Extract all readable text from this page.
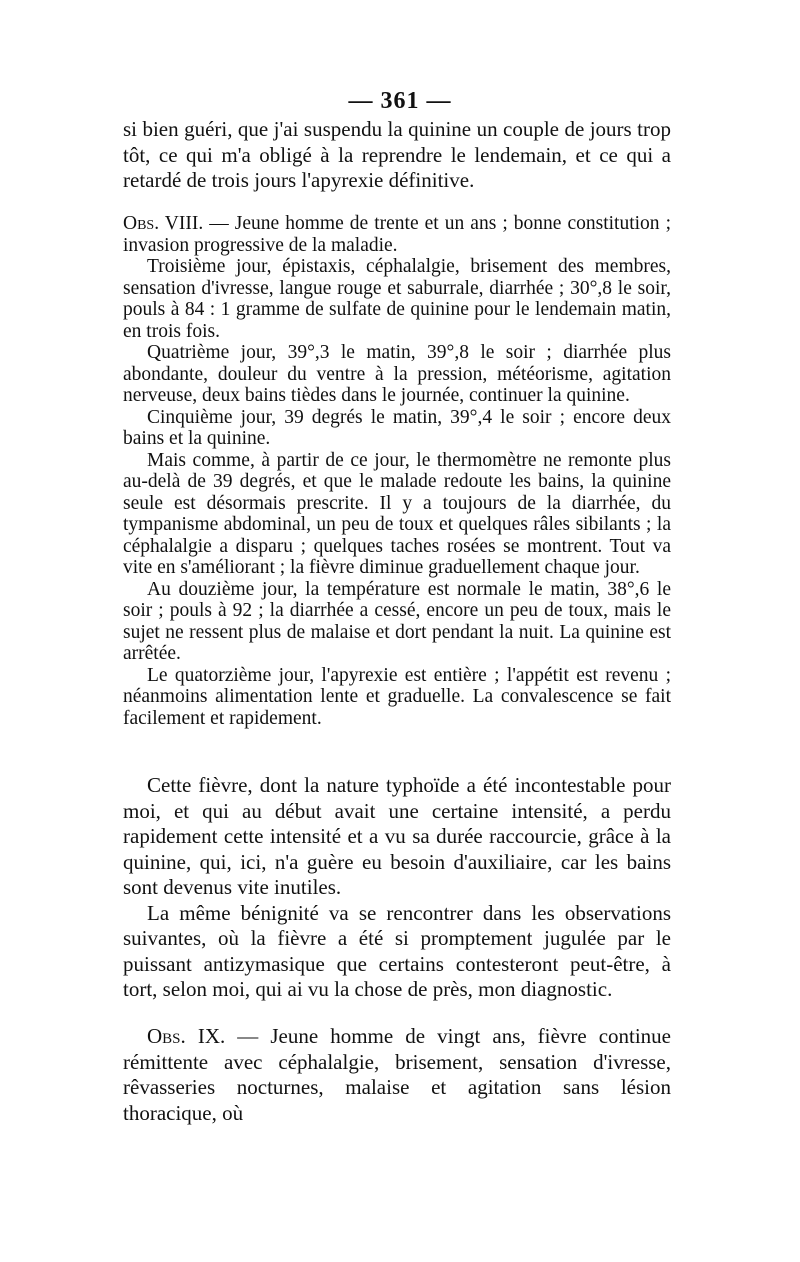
— 361 —

si bien guéri, que j'ai suspendu la quinine un couple de jours trop tôt, ce qui m'a obligé à la reprendre le lendemain, et ce qui a retardé de trois jours l'apyrexie définitive.

Obs. VIII. — Jeune homme de trente et un ans ; bonne constitution ; invasion progressive de la maladie.

Troisième jour, épistaxis, céphalalgie, brisement des membres, sensation d'ivresse, langue rouge et saburrale, diarrhée ; 30°,8 le soir, pouls à 84 : 1 gramme de sulfate de quinine pour le lendemain matin, en trois fois.

Quatrième jour, 39°,3 le matin, 39°,8 le soir ; diarrhée plus abondante, douleur du ventre à la pression, météorisme, agitation nerveuse, deux bains tièdes dans le journée, continuer la quinine.

Cinquième jour, 39 degrés le matin, 39°,4 le soir ; encore deux bains et la quinine.

Mais comme, à partir de ce jour, le thermomètre ne remonte plus au-delà de 39 degrés, et que le malade redoute les bains, la quinine seule est désormais prescrite. Il y a toujours de la diarrhée, du tympanisme abdominal, un peu de toux et quelques râles sibilants ; la céphalalgie a disparu ; quelques taches rosées se montrent. Tout va vite en s'améliorant ; la fièvre diminue graduellement chaque jour.

Au douzième jour, la température est normale le matin, 38°,6 le soir ; pouls à 92 ; la diarrhée a cessé, encore un peu de toux, mais le sujet ne ressent plus de malaise et dort pendant la nuit. La quinine est arrêtée.

Le quatorzième jour, l'apyrexie est entière ; l'appétit est revenu ; néanmoins alimentation lente et graduelle. La convalescence se fait facilement et rapidement.

Cette fièvre, dont la nature typhoïde a été incontestable pour moi, et qui au début avait une certaine intensité, a perdu rapidement cette intensité et a vu sa durée raccourcie, grâce à la quinine, qui, ici, n'a guère eu besoin d'auxiliaire, car les bains sont devenus vite inutiles.

La même bénignité va se rencontrer dans les observations suivantes, où la fièvre a été si promptement jugulée par le puissant antizymasique que certains contesteront peut-être, à tort, selon moi, qui ai vu la chose de près, mon diagnostic.

Obs. IX. — Jeune homme de vingt ans, fièvre continue rémittente avec céphalalgie, brisement, sensation d'ivresse, rêvasseries nocturnes, malaise et agitation sans lésion thoracique, où
